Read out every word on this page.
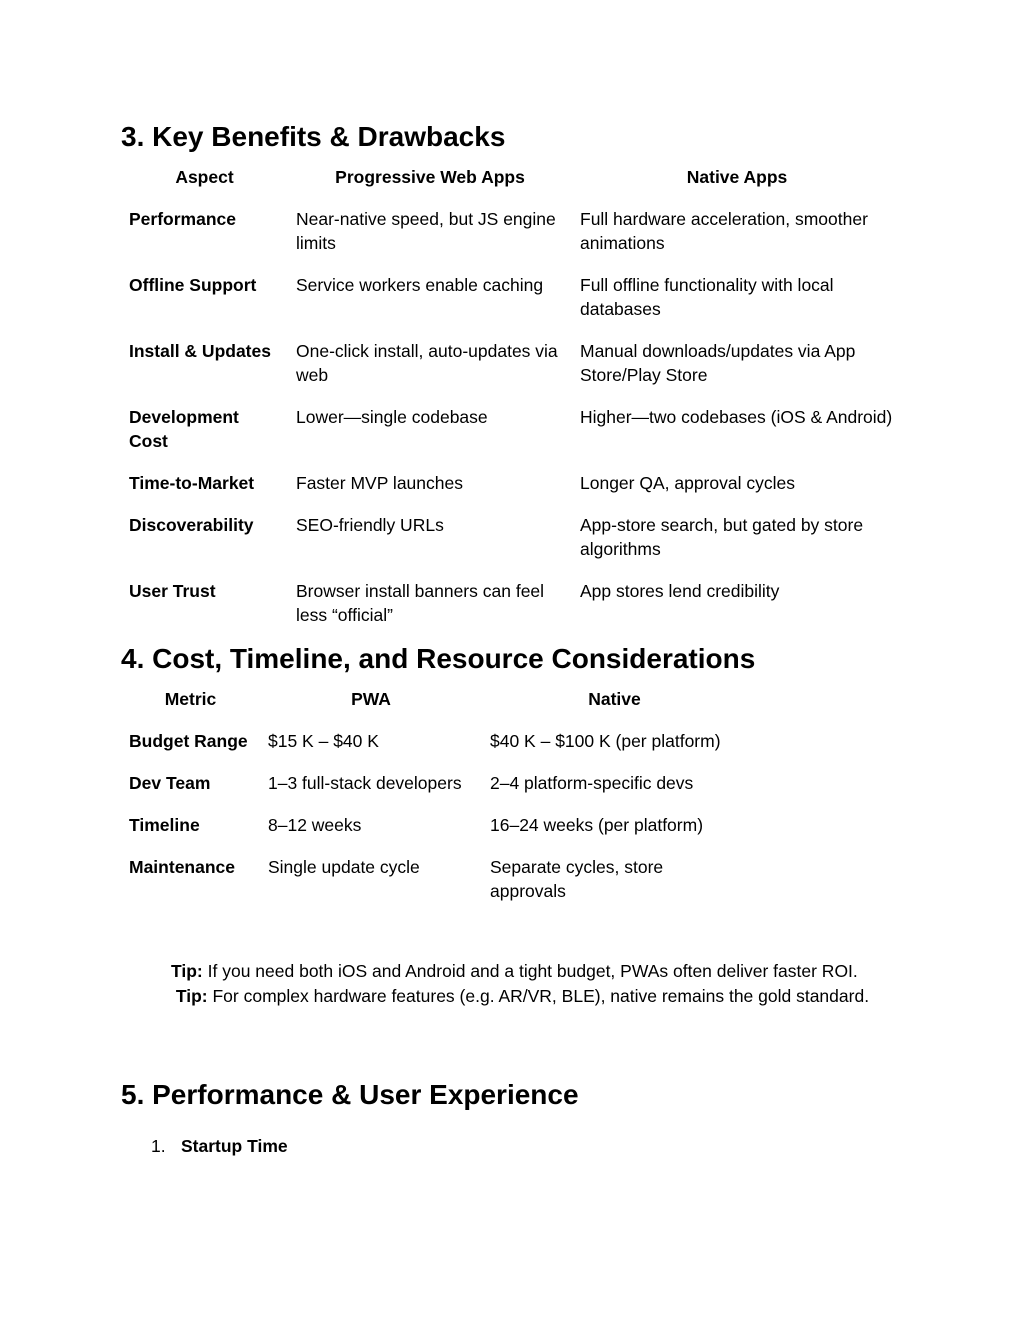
3. Key Benefits & Drawbacks
Aspect	Progressive Web Apps	Native Apps
Performance	Near‑native speed, but JS engine limits	Full hardware acceleration, smoother animations
Offline Support	Service workers enable caching	Full offline functionality with local databases
Install & Updates	One‑click install, auto‑updates via web	Manual downloads/updates via App Store/Play Store
Development Cost	Lower—single codebase	Higher—two codebases (iOS & Android)
Time‑to‑Market	Faster MVP launches	Longer QA, approval cycles
Discoverability	SEO‑friendly URLs	App‑store search, but gated by store algorithms
User Trust	Browser install banners can feel less “official”	App stores lend credibility
4. Cost, Timeline, and Resource Considerations
Metric	PWA	Native
Budget Range	$15 K – $40 K	$40 K – $100 K (per platform)
Dev Team	1–3 full‑stack developers	2–4 platform‑specific devs
Timeline	8–12 weeks	16–24 weeks (per platform)
Maintenance	Single update cycle	Separate cycles, store approvals

Tip: If you need both iOS and Android and a tight budget, PWAs often deliver faster ROI.

Tip: For complex hardware features (e.g. AR/VR, BLE), native remains the gold standard.

5. Performance & User Experience
1. Startup Time
